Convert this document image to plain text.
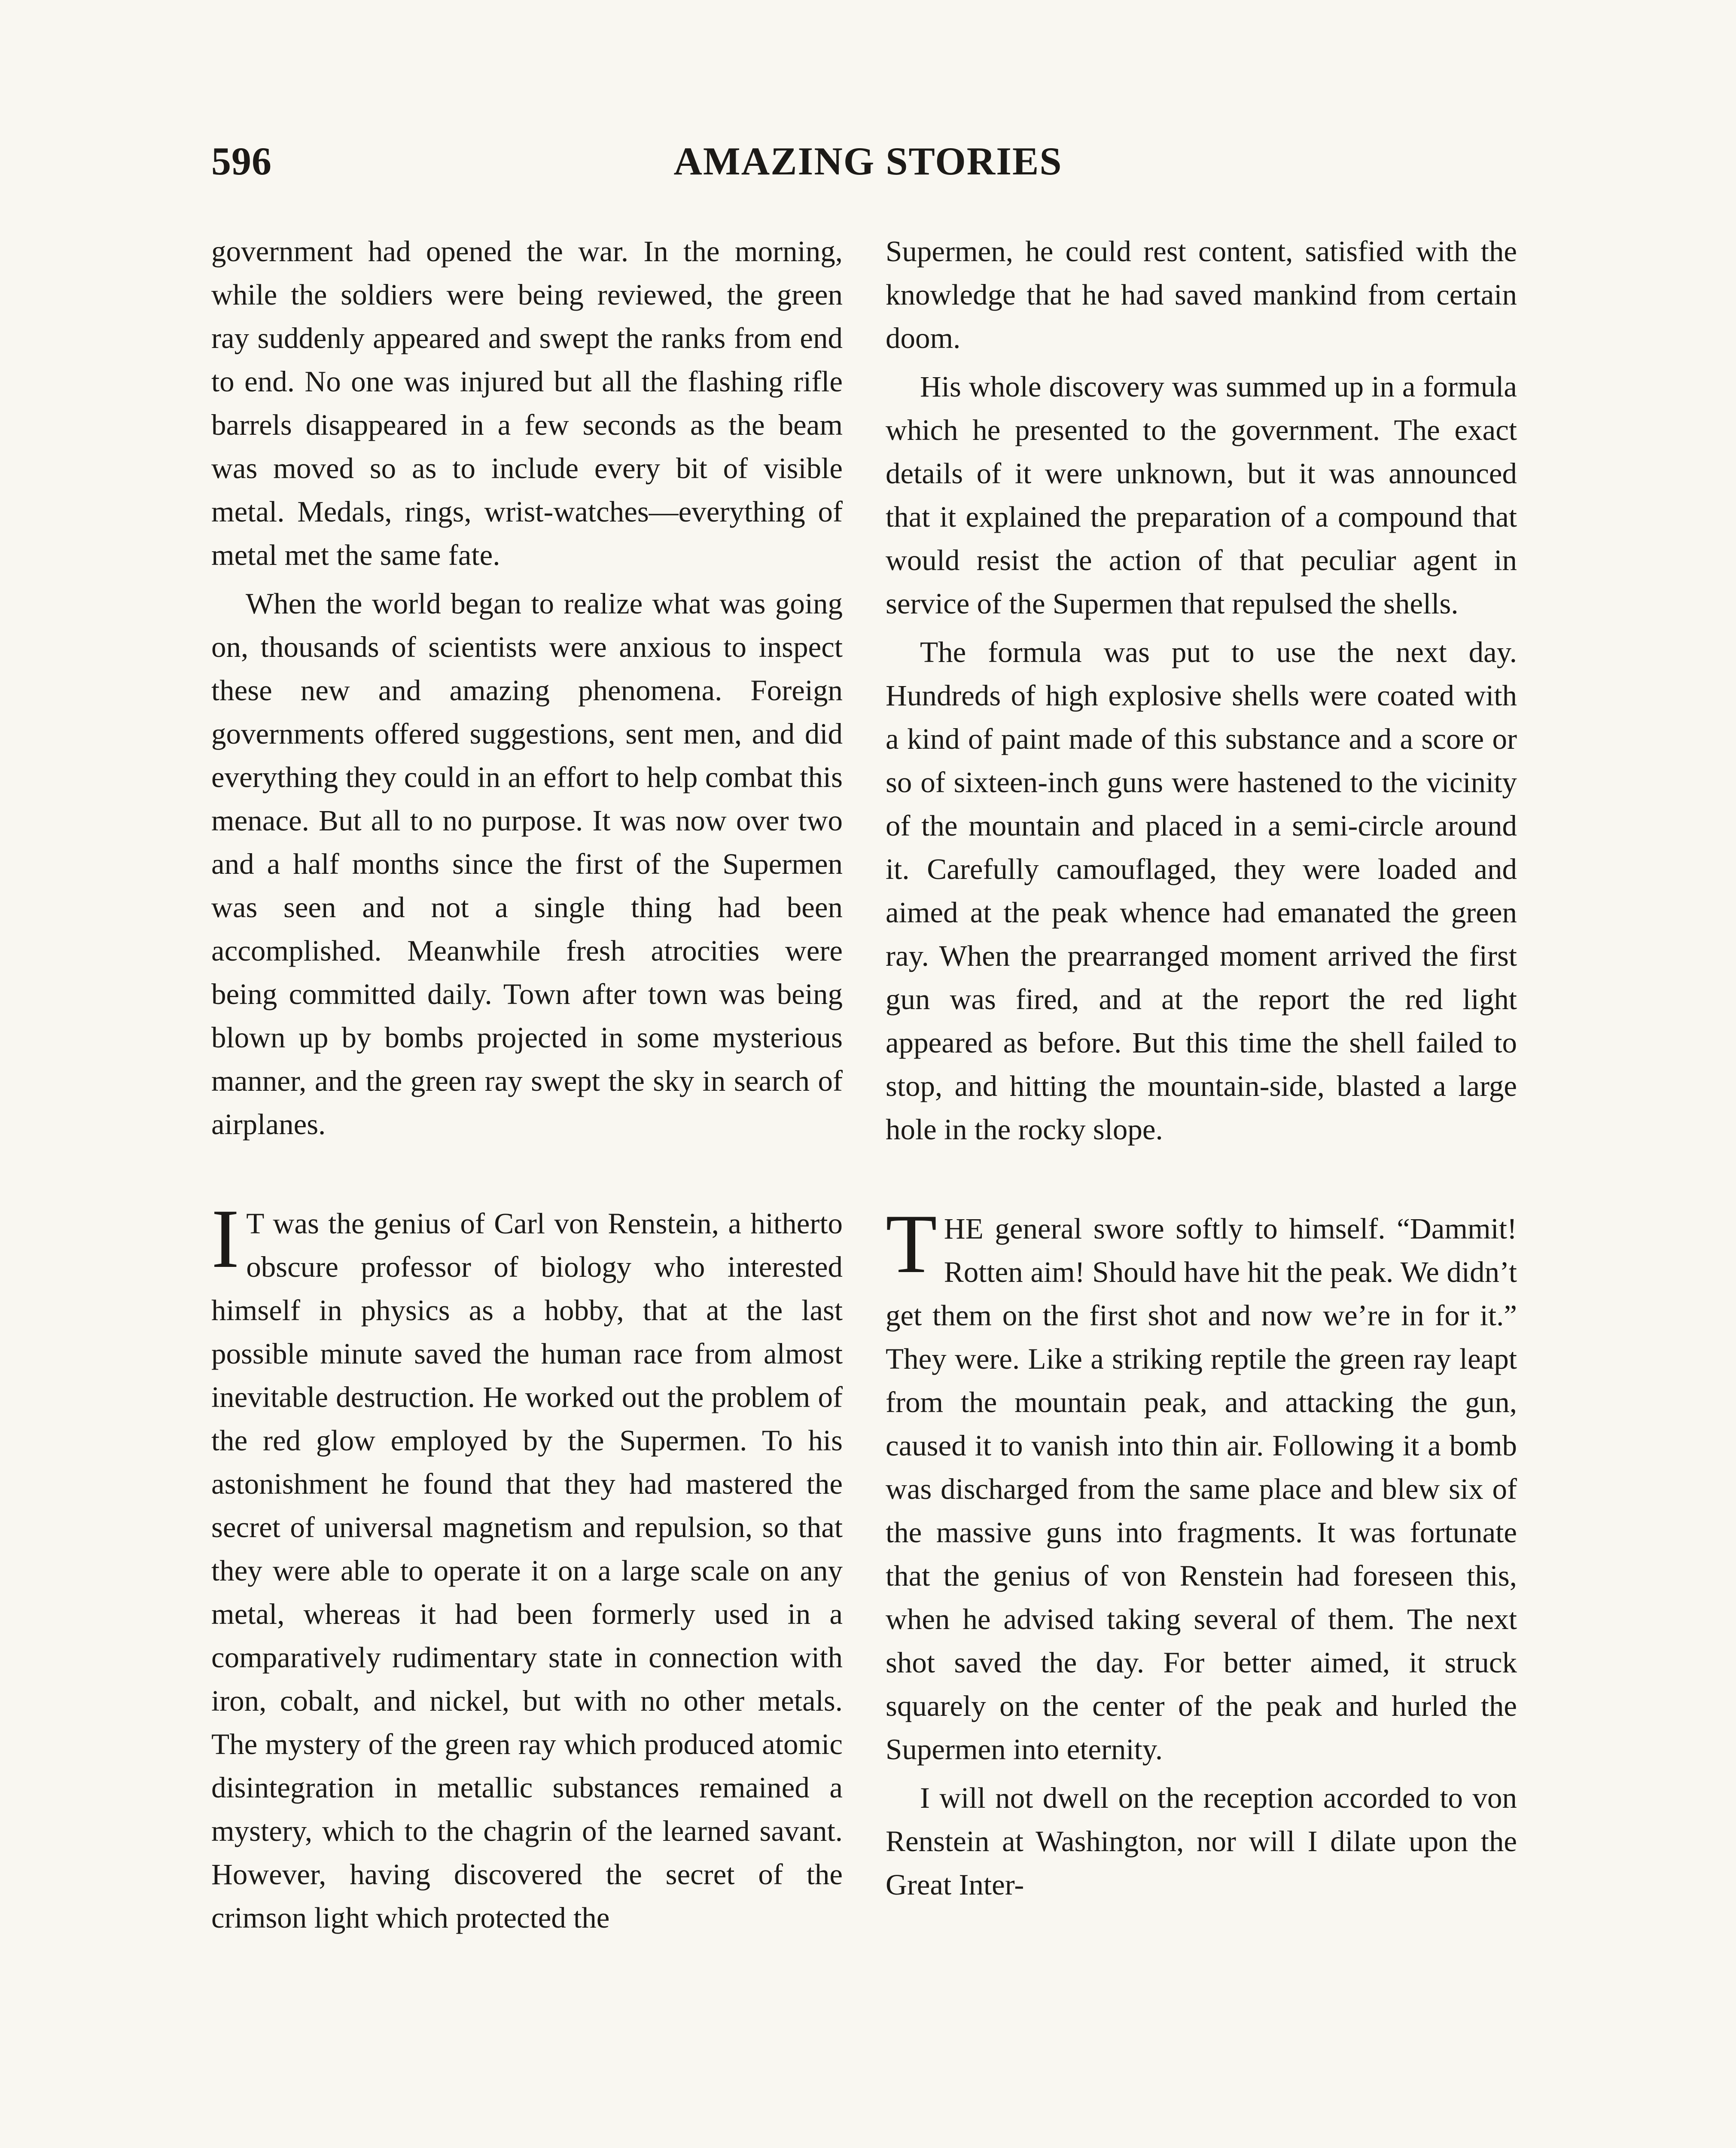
596	AMAZING STORIES

government had opened the war. In the morning, while the soldiers were being reviewed, the green ray suddenly appeared and swept the ranks from end to end. No one was injured but all the flashing rifle barrels disappeared in a few seconds as the beam was moved so as to include every bit of visible metal. Medals, rings, wrist-watches—everything of metal met the same fate.

When the world began to realize what was going on, thousands of scientists were anxious to inspect these new and amazing phenomena. Foreign governments offered suggestions, sent men, and did everything they could in an effort to help combat this menace. But all to no purpose. It was now over two and a half months since the first of the Supermen was seen and not a single thing had been accomplished. Meanwhile fresh atrocities were being committed daily. Town after town was being blown up by bombs projected in some mysterious manner, and the green ray swept the sky in search of airplanes.

I T was the genius of Carl von Renstein, a hitherto obscure professor of biology who interested himself in physics as a hobby, that at the last possible minute saved the human race from almost inevitable destruction. He worked out the problem of the red glow employed by the Supermen. To his astonishment he found that they had mastered the secret of universal magnetism and repulsion, so that they were able to operate it on a large scale on any metal, whereas it had been formerly used in a comparatively rudimentary state in connection with iron, cobalt, and nickel, but with no other metals. The mystery of the green ray which produced atomic disintegration in metallic substances remained a mystery, which to the chagrin of the learned savant. However, having discovered the secret of the crimson light which protected the

Supermen, he could rest content, satisfied with the knowledge that he had saved mankind from certain doom.

His whole discovery was summed up in a formula which he presented to the government. The exact details of it were unknown, but it was announced that it explained the preparation of a compound that would resist the action of that peculiar agent in service of the Supermen that repulsed the shells.

The formula was put to use the next day. Hundreds of high explosive shells were coated with a kind of paint made of this substance and a score or so of sixteen-inch guns were hastened to the vicinity of the mountain and placed in a semi-circle around it. Carefully camouflaged, they were loaded and aimed at the peak whence had emanated the green ray. When the prearranged moment arrived the first gun was fired, and at the report the red light appeared as before. But this time the shell failed to stop, and hitting the mountain-side, blasted a large hole in the rocky slope.

THE general swore softly to himself. “Dammit! Rotten aim! Should have hit the peak. We didn’t get them on the first shot and now we’re in for it.” They were. Like a striking reptile the green ray leapt from the mountain peak, and attacking the gun, caused it to vanish into thin air. Following it a bomb was discharged from the same place and blew six of the massive guns into fragments. It was fortunate that the genius of von Renstein had foreseen this, when he advised taking several of them. The next shot saved the day. For better aimed, it struck squarely on the center of the peak and hurled the Supermen into eternity.

I will not dwell on the reception accorded to von Renstein at Washington, nor will I dilate upon the Great Inter-
